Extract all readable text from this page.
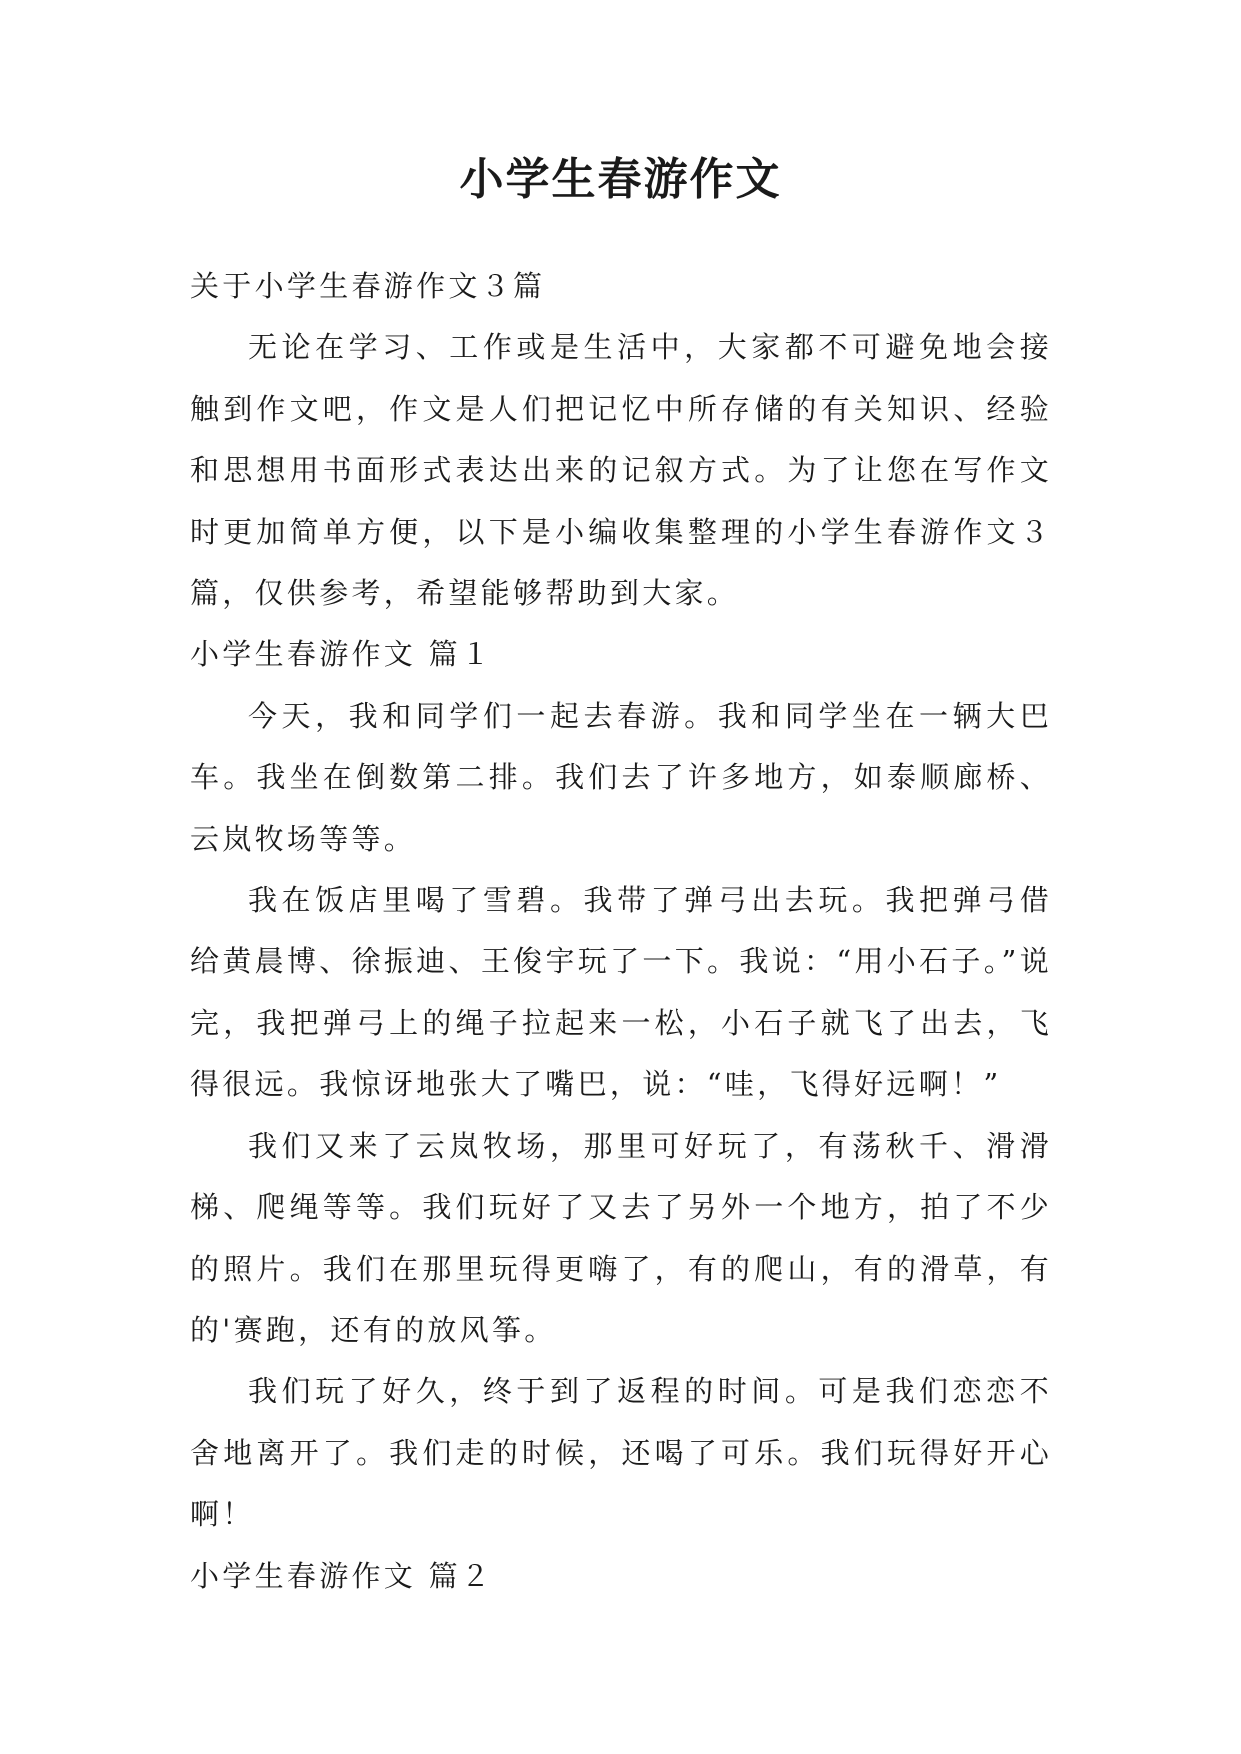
小学生春游作文

关于小学生春游作文３篇

无论在学习、工作或是生活中，大家都不可避免地会接触到作文吧，作文是人们把记忆中所存储的有关知识、经验和思想用书面形式表达出来的记叙方式。为了让您在写作文时更加简单方便，以下是小编收集整理的小学生春游作文３篇，仅供参考，希望能够帮助到大家。

小学生春游作文 篇１

今天，我和同学们一起去春游。我和同学坐在一辆大巴车。我坐在倒数第二排。我们去了许多地方，如泰顺廊桥、云岚牧场等等。

我在饭店里喝了雪碧。我带了弹弓出去玩。我把弹弓借给黄晨博、徐振迪、王俊宇玩了一下。我说：“用小石子。”说完，我把弹弓上的绳子拉起来一松，小石子就飞了出去，飞得很远。我惊讶地张大了嘴巴，说：“哇，飞得好远啊！”

我们又来了云岚牧场，那里可好玩了，有荡秋千、滑滑梯、爬绳等等。我们玩好了又去了另外一个地方，拍了不少的照片。我们在那里玩得更嗨了，有的爬山，有的滑草，有的'赛跑，还有的放风筝。

我们玩了好久，终于到了返程的时间。可是我们恋恋不舍地离开了。我们走的时候，还喝了可乐。我们玩得好开心啊！

小学生春游作文 篇２
